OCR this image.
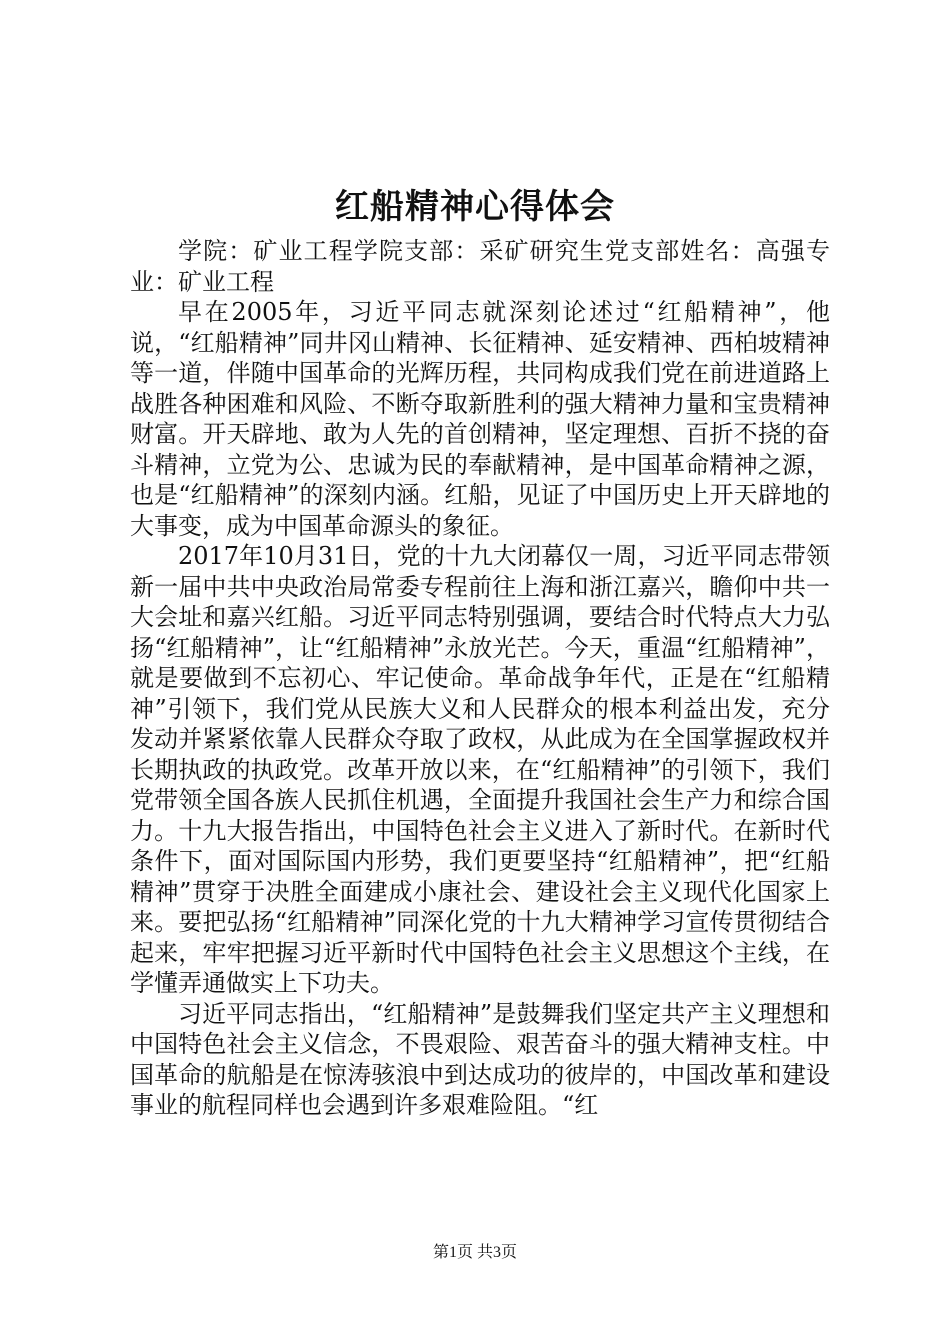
红船精神心得体会

学院：矿业工程学院支部：采矿研究生党支部姓名：高强专业：矿业工程

早在2005年，习近平同志就深刻论述过“红船精神”，他说，“红船精神”同井冈山精神、长征精神、延安精神、西柏坡精神等一道，伴随中国革命的光辉历程，共同构成我们党在前进道路上战胜各种困难和风险、不断夺取新胜利的强大精神力量和宝贵精神财富。开天辟地、敢为人先的首创精神，坚定理想、百折不挠的奋斗精神，立党为公、忠诚为民的奉献精神，是中国革命精神之源，也是“红船精神”的深刻内涵。红船，见证了中国历史上开天辟地的大事变，成为中国革命源头的象征。

2017年10月31日，党的十九大闭幕仅一周，习近平同志带领新一届中共中央政治局常委专程前往上海和浙江嘉兴，瞻仰中共一大会址和嘉兴红船。习近平同志特别强调，要结合时代特点大力弘扬“红船精神”，让“红船精神”永放光芒。今天，重温“红船精神”，就是要做到不忘初心、牢记使命。革命战争年代，正是在“红船精神”引领下，我们党从民族大义和人民群众的根本利益出发，充分发动并紧紧依靠人民群众夺取了政权，从此成为在全国掌握政权并长期执政的执政党。改革开放以来，在“红船精神”的引领下，我们党带领全国各族人民抓住机遇，全面提升我国社会生产力和综合国力。十九大报告指出，中国特色社会主义进入了新时代。在新时代条件下，面对国际国内形势，我们更要坚持“红船精神”，把“红船精神”贯穿于决胜全面建成小康社会、建设社会主义现代化国家上来。要把弘扬“红船精神”同深化党的十九大精神学习宣传贯彻结合起来，牢牢把握习近平新时代中国特色社会主义思想这个主线，在学懂弄通做实上下功夫。

习近平同志指出，“红船精神”是鼓舞我们坚定共产主义理想和中国特色社会主义信念，不畏艰险、艰苦奋斗的强大精神支柱。中国革命的航船是在惊涛骇浪中到达成功的彼岸的，中国改革和建设事业的航程同样也会遇到许多艰难险阻。“红

第1页 共3页
